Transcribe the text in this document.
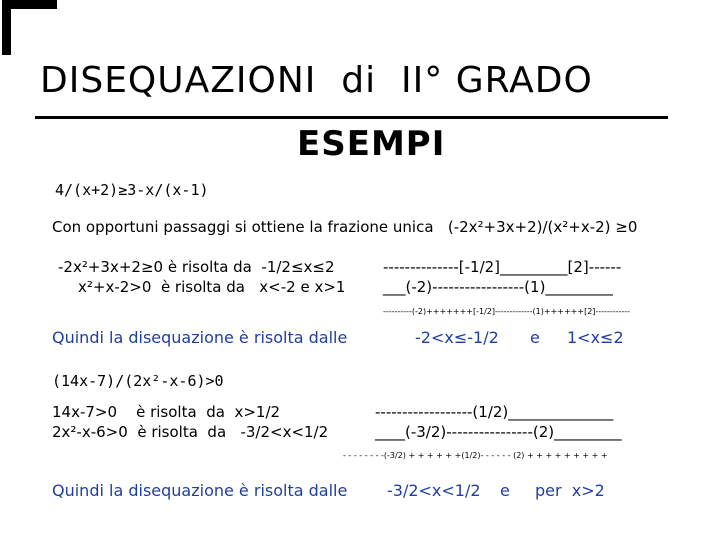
DISEQUAZIONI  di  II° GRADO
ESEMPI
4/(x+2)≥3-x/(x-1)
Con opportuni passaggi si ottiene la frazione unica   (-2x²+3x+2)/(x²+x-2) ≥0
-2x²+3x+2≥0 è risolta da  -1/2≤x≤2	--------------[-1/2]_________[2]------
x²+x-2>0  è risolta da   x<-2 e x>1	___(-2)-----------------(1)_________
----------(-2)+++++++[-1/2]-------------(1)++++++[2]------------
Quindi la disequazione è risolta dalle	-2<x≤-1/2 e 1<x≤2
(14x-7)/(2x²-x-6)>0
14x-7>0    è risolta  da  x>1/2	------------------(1/2)______________
2x²-x-6>0  è risolta  da   -3/2<x<1/2	____(-3/2)----------------(2)_________
- - - - - - - -(-3/2) + + + + + +(1/2)- - - - - - (2) + + + + + + + + +
Quindi la disequazione è risolta dalle -3/2<x<1/2 e per  x>2
